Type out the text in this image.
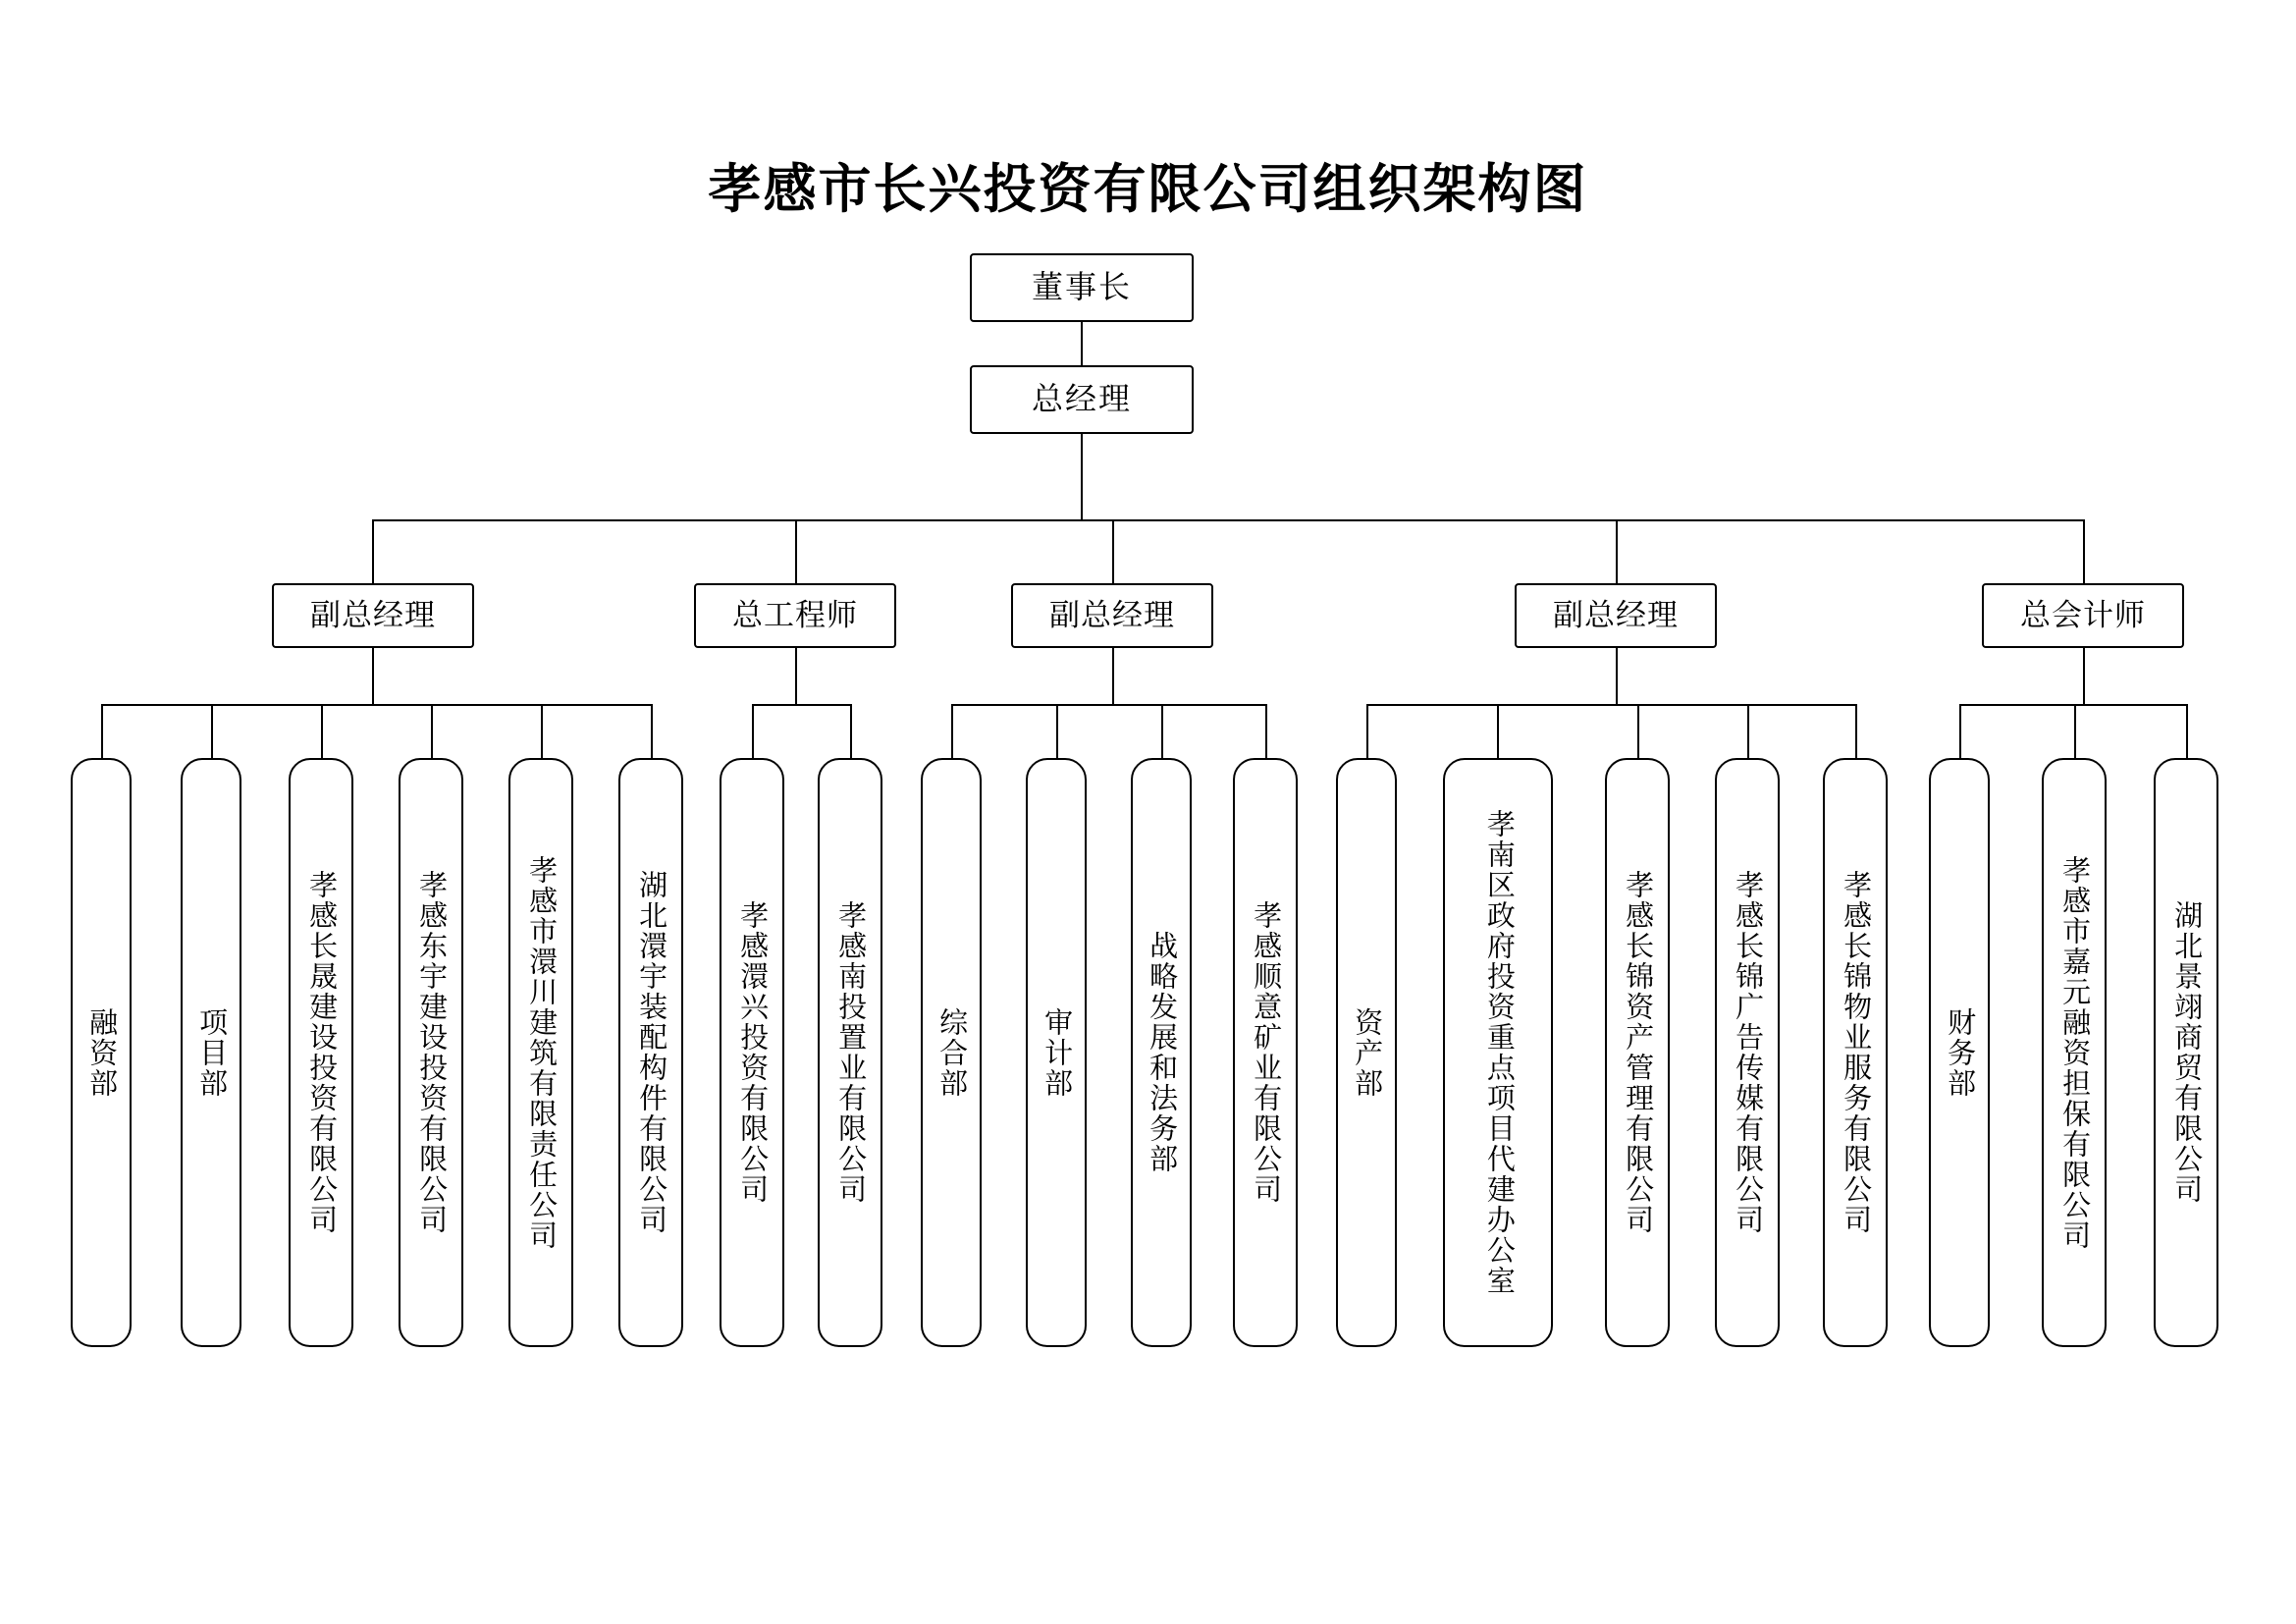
孝感市长兴投资有限公司组织架构图
董事长
总经理
副总经理	总工程师	副总经理	副总经理	总会计师
融资部	项目部	孝感长晟建设投资有限公司	孝感东宇建设投资有限公司	孝感市澴川建筑有限责任公司	湖北澴宇装配构件有限公司 孝感澴兴投资有限公司 孝感南投置业有限公司 综合部	审计部	战略发展和法务部	孝感顺意矿业有限公司 资产部	孝南区政府投资重点项目代建办公室	孝感长锦资产管理有限公司	孝感长锦广告传媒有限公司	孝感长锦物业服务有限公司	财务部	孝感市嘉元融资担保有限公司	湖北景翊商贸有限公司
